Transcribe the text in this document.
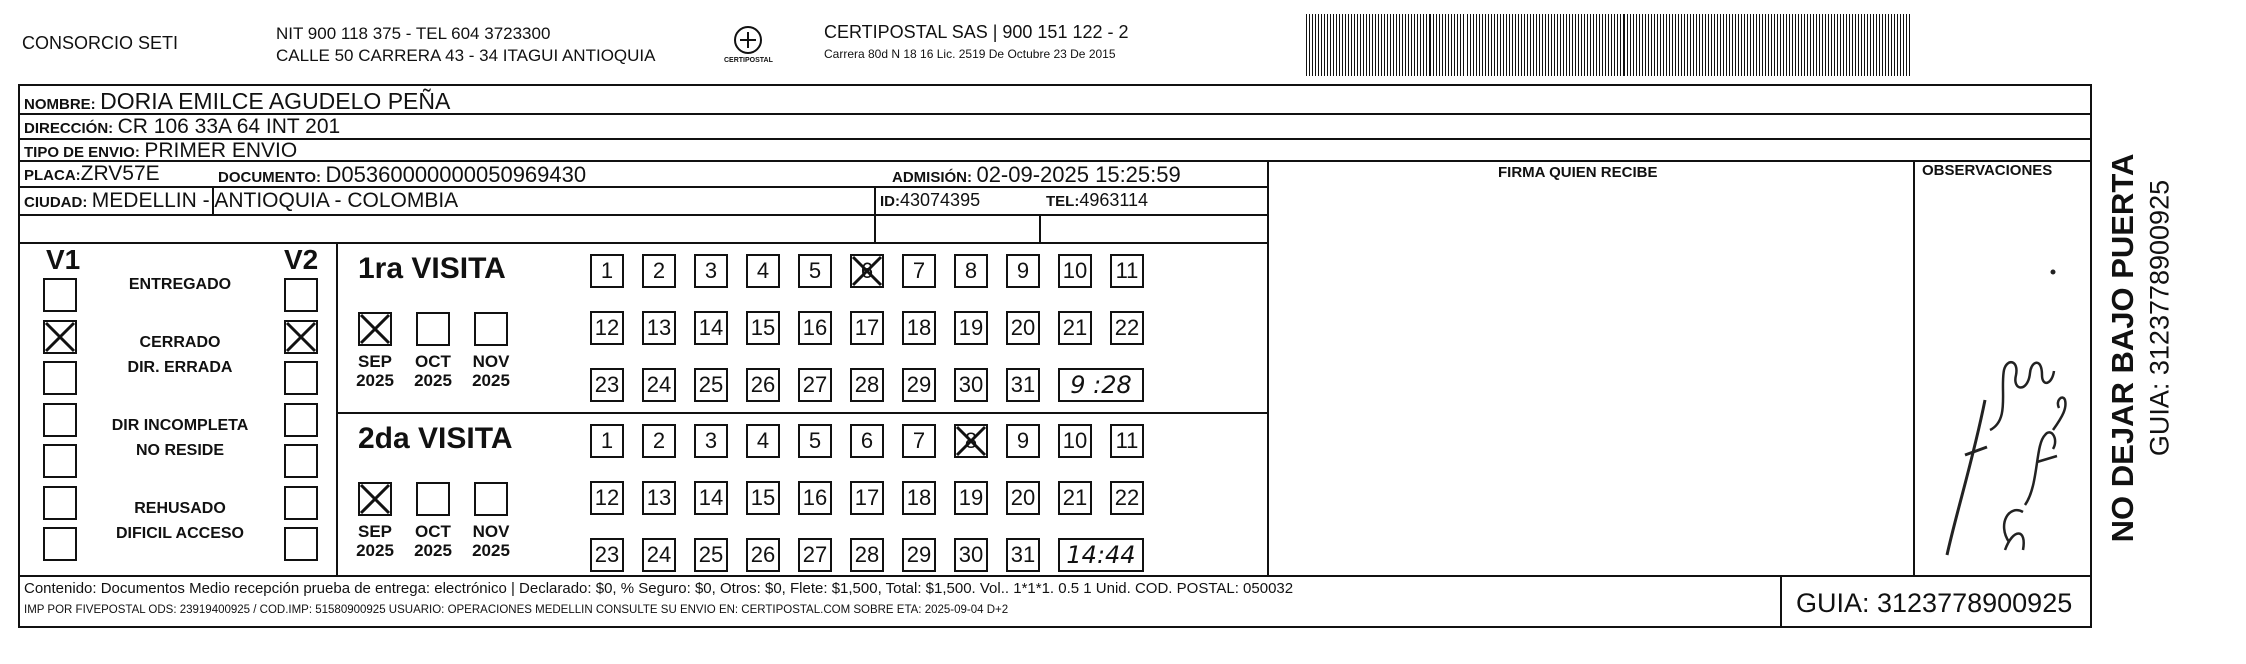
CONSORCIO SETI	NIT 900 118 375 - TEL 604 3723300
CALLE 50 CARRERA 43 - 34 ITAGUI ANTIOQUIA	CERTIPOSTAL
CERTIPOSTAL SAS | 900 151 122 - 2
Carrera 80d N 18 16 Lic. 2519 De Octubre 23 De 2015
NOMBRE: DORIA EMILCE AGUDELO PEÑA
DIRECCIÓN: CR 106 33A 64 INT 201
TIPO DE ENVIO: PRIMER ENVIO
FIRMA QUIEN RECIBE	OBSERVACIONES
PLACA:ZRV57E	DOCUMENTO: D05360000000050969430	ADMISIÓN: 02-09-2025 15:25:59
CIUDAD: MEDELLIN - ANTIOQUIA - COLOMBIA	ID:43074395	TEL:4963114
V1	V2
ENTREGADO
CERRADO
DIR. ERRADA
DIR INCOMPLETA
NO RESIDE
REHUSADO
DIFICIL ACCESO
1ra VISITA
SEP
2025
OCT
2025
NOV
2025
1	2	3	4	5	6	7	8	9	10 11
12 13 14 15 16 17 18 19 20 21 22
23 24 25 26 27 28 29 30 31	9 :28
2da VISITA
SEP
2025
OCT
2025
NOV
2025
1	2	3	4	5	6	7	8	9	10 11
12 13 14 15 16 17 18 19 20 21 22
23 24 25 26 27 28 29 30 31	14:44
Contenido: Documentos Medio recepción prueba de entrega: electrónico | Declarado: $0, % Seguro: $0, Otros: $0, Flete: $1,500, Total: $1,500. Vol.. 1*1*1. 0.5 1 Unid. COD. POSTAL: 050032
IMP POR FIVEPOSTAL ODS: 23919400925 / COD.IMP: 51580900925 USUARIO: OPERACIONES MEDELLIN CONSULTE SU ENVIO EN: CERTIPOSTAL.COM SOBRE ETA: 2025-09-04 D+2	GUIA: 3123778900925
NO DEJAR BAJO PUERTA GUIA: 3123778900925
